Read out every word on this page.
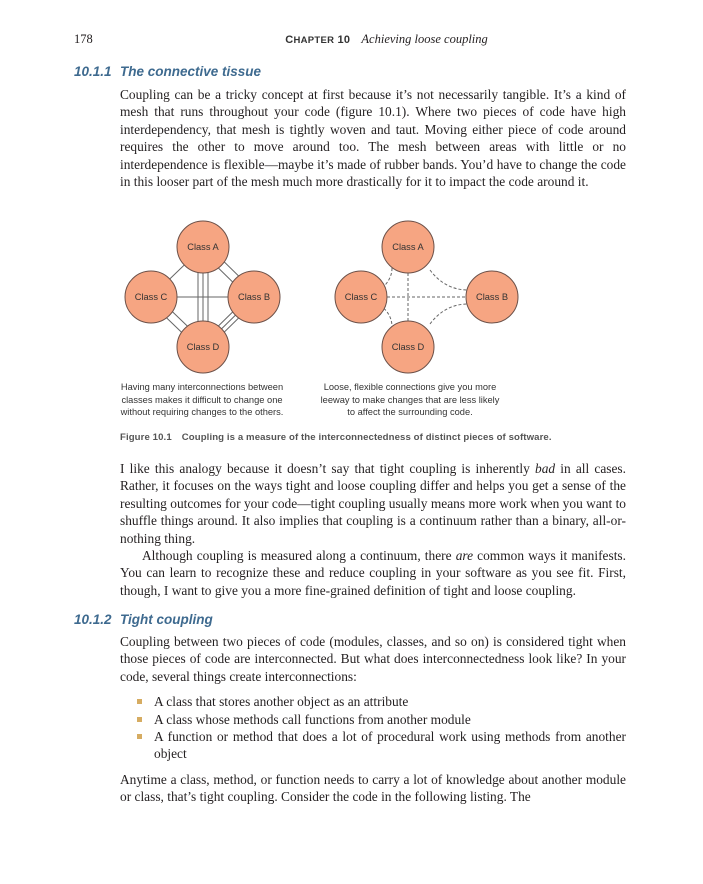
178	CHAPTER 10 Achieving loose coupling
10.1.1 The connective tissue

Coupling can be a tricky concept at first because it’s not necessarily tangible. It’s a kind of mesh that runs throughout your code (figure 10.1). Where two pieces of code have high interdependency, that mesh is tightly woven and taut. Moving either piece of code around requires the other to move around too. The mesh between areas with little or no interdependence is flexible—maybe it’s made of rubber bands. You’d have to change the code in this looser part of the mesh much more drastically for it to impact the code around it.

Class A
Class B
Class C
Class D
Class A
Class B
Class C
Class D
Having many interconnections between
classes makes it difficult to change one
without requiring changes to the others.
Loose, flexible connections give you more
leeway to make changes that are less likely
to affect the surrounding code.
Figure 10.1 Coupling is a measure of the interconnectedness of distinct pieces of software.

I like this analogy because it doesn’t say that tight coupling is inherently bad in all cases. Rather, it focuses on the ways tight and loose coupling differ and helps you get a sense of the resulting outcomes for your code—tight coupling usually means more work when you want to shuffle things around. It also implies that coupling is a continuum rather than a binary, all-or-nothing thing.

Although coupling is measured along a continuum, there are common ways it manifests. You can learn to recognize these and reduce coupling in your software as you see fit. First, though, I want to give you a more fine-grained definition of tight and loose coupling.

10.1.2 Tight coupling

Coupling between two pieces of code (modules, classes, and so on) is considered tight when those pieces of code are interconnected. But what does interconnectedness look like? In your code, several things create interconnections:

A class that stores another object as an attribute
A class whose methods call functions from another module
A function or method that does a lot of procedural work using methods from another object

Anytime a class, method, or function needs to carry a lot of knowledge about another module or class, that’s tight coupling. Consider the code in the following listing. The
